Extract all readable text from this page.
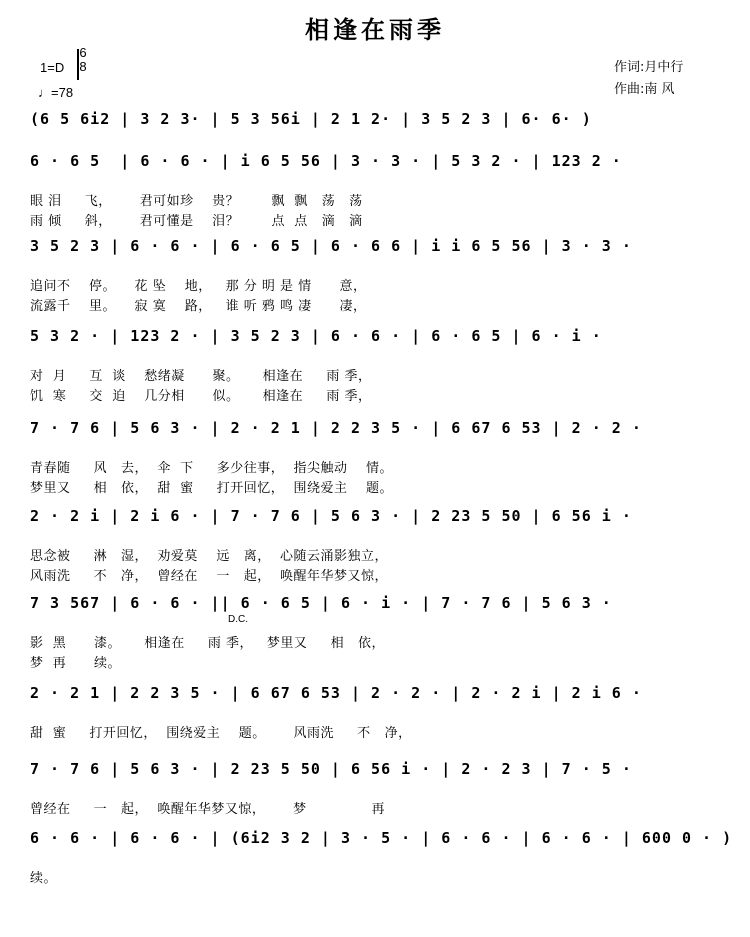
相逢在雨季
1=D
6
8
♩=78
作词:月中行
作曲:南 风
(6 5 6i2 | 3 2 3· | 5 3 56i | 2 1 2· | 3 5 2 3 | 6· 6· )
6 · 6 5  | 6 · 6 · | i 6 5 56 | 3 · 3 · | 5 3 2 · | 123 2 ·
眼 泪     飞，      君可如珍    贵？       飘  飘   荡   荡
雨 倾     斜，      君可懂是    泪？       点  点   滴   滴
3 5 2 3 | 6 · 6 · | 6 · 6 5 | 6 · 6 6 | i i 6 5 56 | 3 · 3 ·
追问不    停。    花 坠    地，   那 分 明 是 情      意，
流露千    里。    寂 寞    路，   谁 听 鸦 鸣 凄      凄，
5 3 2 · | 123 2 · | 3 5 2 3 | 6 · 6 · | 6 · 6 5 | 6 · i ·
对  月     互  谈    愁绪凝      聚。     相逢在     雨 季，
饥  寒     交  迫    几分相      似。     相逢在     雨 季，
7 · 7 6 | 5 6 3 · | 2 · 2 1 | 2 2 3 5 · | 6 67 6 53 | 2 · 2 ·
青春随     风   去，  伞  下     多少往事，  指尖触动    情。
梦里又     相   依，  甜  蜜     打开回忆，  围绕爱主    题。
2 · 2 i | 2 i 6 · | 7 · 7 6 | 5 6 3 · | 2 23 5 50 | 6 56 i ·
思念被     淋   湿，  劝爱莫    远   离，  心随云涌影独立，
风雨洗     不   净，  曾经在    一   起，  唤醒年华梦又惊，
7 3 567 | 6 · 6 · || 6 · 6 5 | 6 · i · | 7 · 7 6 | 5 6 3 ·
影  黑      漆。     相逢在     雨 季，   梦里又     相   依，
梦  再      续。
D.C.
2 · 2 1 | 2 2 3 5 · | 6 67 6 53 | 2 · 2 · | 2 · 2 i | 2 i 6 ·
甜  蜜     打开回忆，  围绕爱主    题。      风雨洗     不   净，
7 · 7 6 | 5 6 3 · | 2 23 5 50 | 6 56 i · | 2 · 2 3 | 7 · 5 ·
曾经在     一   起，  唤醒年华梦又惊，      梦              再
6 · 6 · | 6 · 6 · | (6i2 3 2 | 3 · 5 · | 6 · 6 · | 6 · 6 · | 600 0 · )
续。
